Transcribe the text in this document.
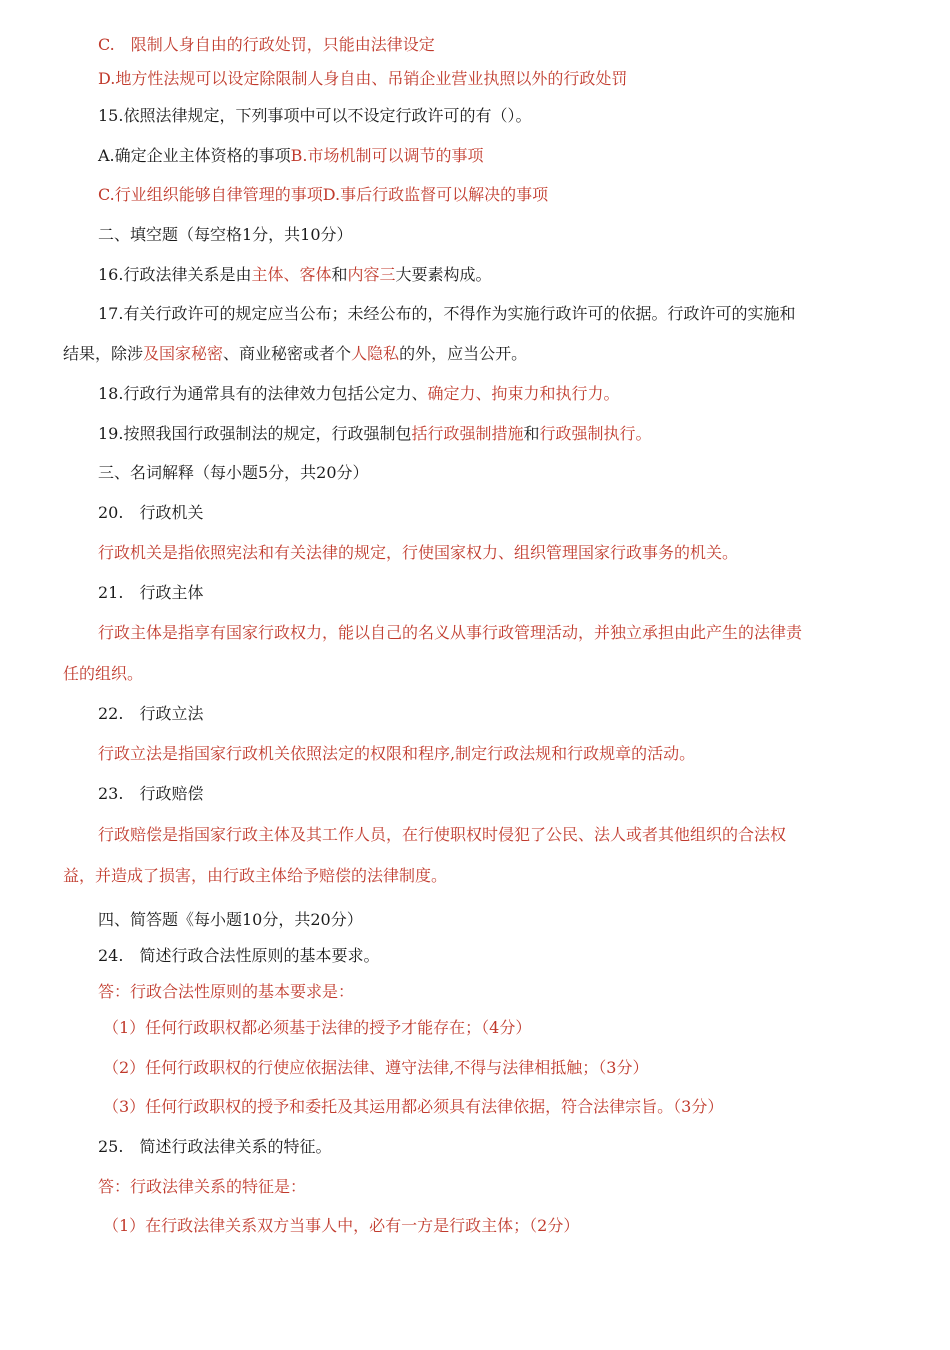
C.　限制人身自由的行政处罚，只能由法律设定
D.地方性法规可以设定除限制人身自由、吊销企业营业执照以外的行政处罚
15.依照法律规定，下列事项中可以不设定行政许可的有（）。
A.确定企业主体资格的事项B.市场机制可以调节的事项
C.行业组织能够自律管理的事项D.事后行政监督可以解决的事项
二、填空题（每空格1分，共10分）
16.行政法律关系是由主体、客体和内容三大要素构成。
17.有关行政许可的规定应当公布；未经公布的，不得作为实施行政许可的依据。行政许可的实施和
结果，除涉及国家秘密、商业秘密或者个人隐私的外，应当公开。
18.行政行为通常具有的法律效力包括公定力、确定力、拘束力和执行力。
19.按照我国行政强制法的规定，行政强制包括行政强制措施和行政强制执行。
三、名词解释（每小题5分，共20分）
20.　行政机关
行政机关是指依照宪法和有关法律的规定，行使国家权力、组织管理国家行政事务的机关。
21.　行政主体
行政主体是指享有国家行政权力，能以自己的名义从事行政管理活动，并独立承担由此产生的法律责
任的组织。
22.　行政立法
行政立法是指国家行政机关依照法定的权限和程序,制定行政法规和行政规章的活动。
23.　行政赔偿
行政赔偿是指国家行政主体及其工作人员，在行使职权时侵犯了公民、法人或者其他组织的合法权
益，并造成了损害，由行政主体给予赔偿的法律制度。
四、简答题《每小题10分，共20分）
24.　简述行政合法性原则的基本要求。
答：行政合法性原则的基本要求是：
（1）任何行政职权都必须基于法律的授予才能存在；（4分）
（2）任何行政职权的行使应依据法律、遵守法律,不得与法律相抵触；（3分）
（3）任何行政职权的授予和委托及其运用都必须具有法律依据，符合法律宗旨。（3分）
25.　简述行政法律关系的特征。
答：行政法律关系的特征是：
（1）在行政法律关系双方当事人中，必有一方是行政主体；（2分）
